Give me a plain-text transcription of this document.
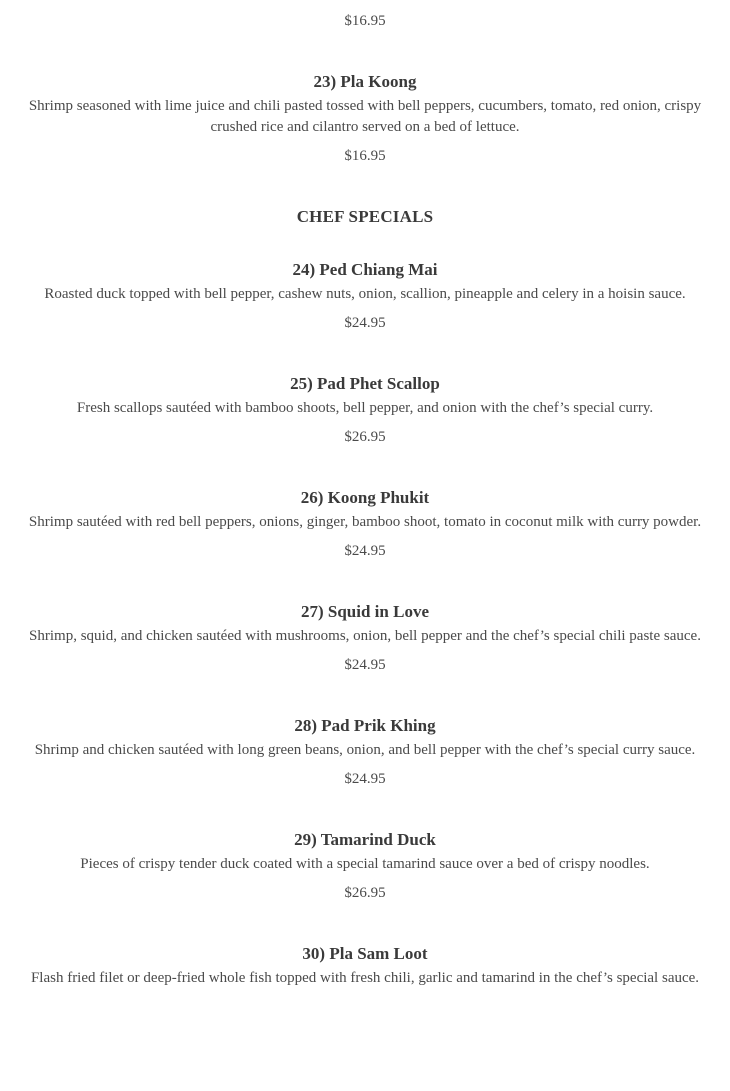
$16.95
23) Pla Koong
Shrimp seasoned with lime juice and chili pasted tossed with bell peppers, cucumbers, tomato, red onion, crispy crushed rice and cilantro served on a bed of lettuce.
$16.95
CHEF SPECIALS
24) Ped Chiang Mai
Roasted duck topped with bell pepper, cashew nuts, onion, scallion, pineapple and celery in a hoisin sauce.
$24.95
25) Pad Phet Scallop
Fresh scallops sautéed with bamboo shoots, bell pepper, and onion with the chef’s special curry.
$26.95
26) Koong Phukit
Shrimp sautéed with red bell peppers, onions, ginger, bamboo shoot, tomato in coconut milk with curry powder.
$24.95
27) Squid in Love
Shrimp, squid, and chicken sautéed with mushrooms, onion, bell pepper and the chef’s special chili paste sauce.
$24.95
28) Pad Prik Khing
Shrimp and chicken sautéed with long green beans, onion, and bell pepper with the chef’s special curry sauce.
$24.95
29) Tamarind Duck
Pieces of crispy tender duck coated with a special tamarind sauce over a bed of crispy noodles.
$26.95
30) Pla Sam Loot
Flash fried filet or deep-fried whole fish topped with fresh chili, garlic and tamarind in the chef’s special sauce.
